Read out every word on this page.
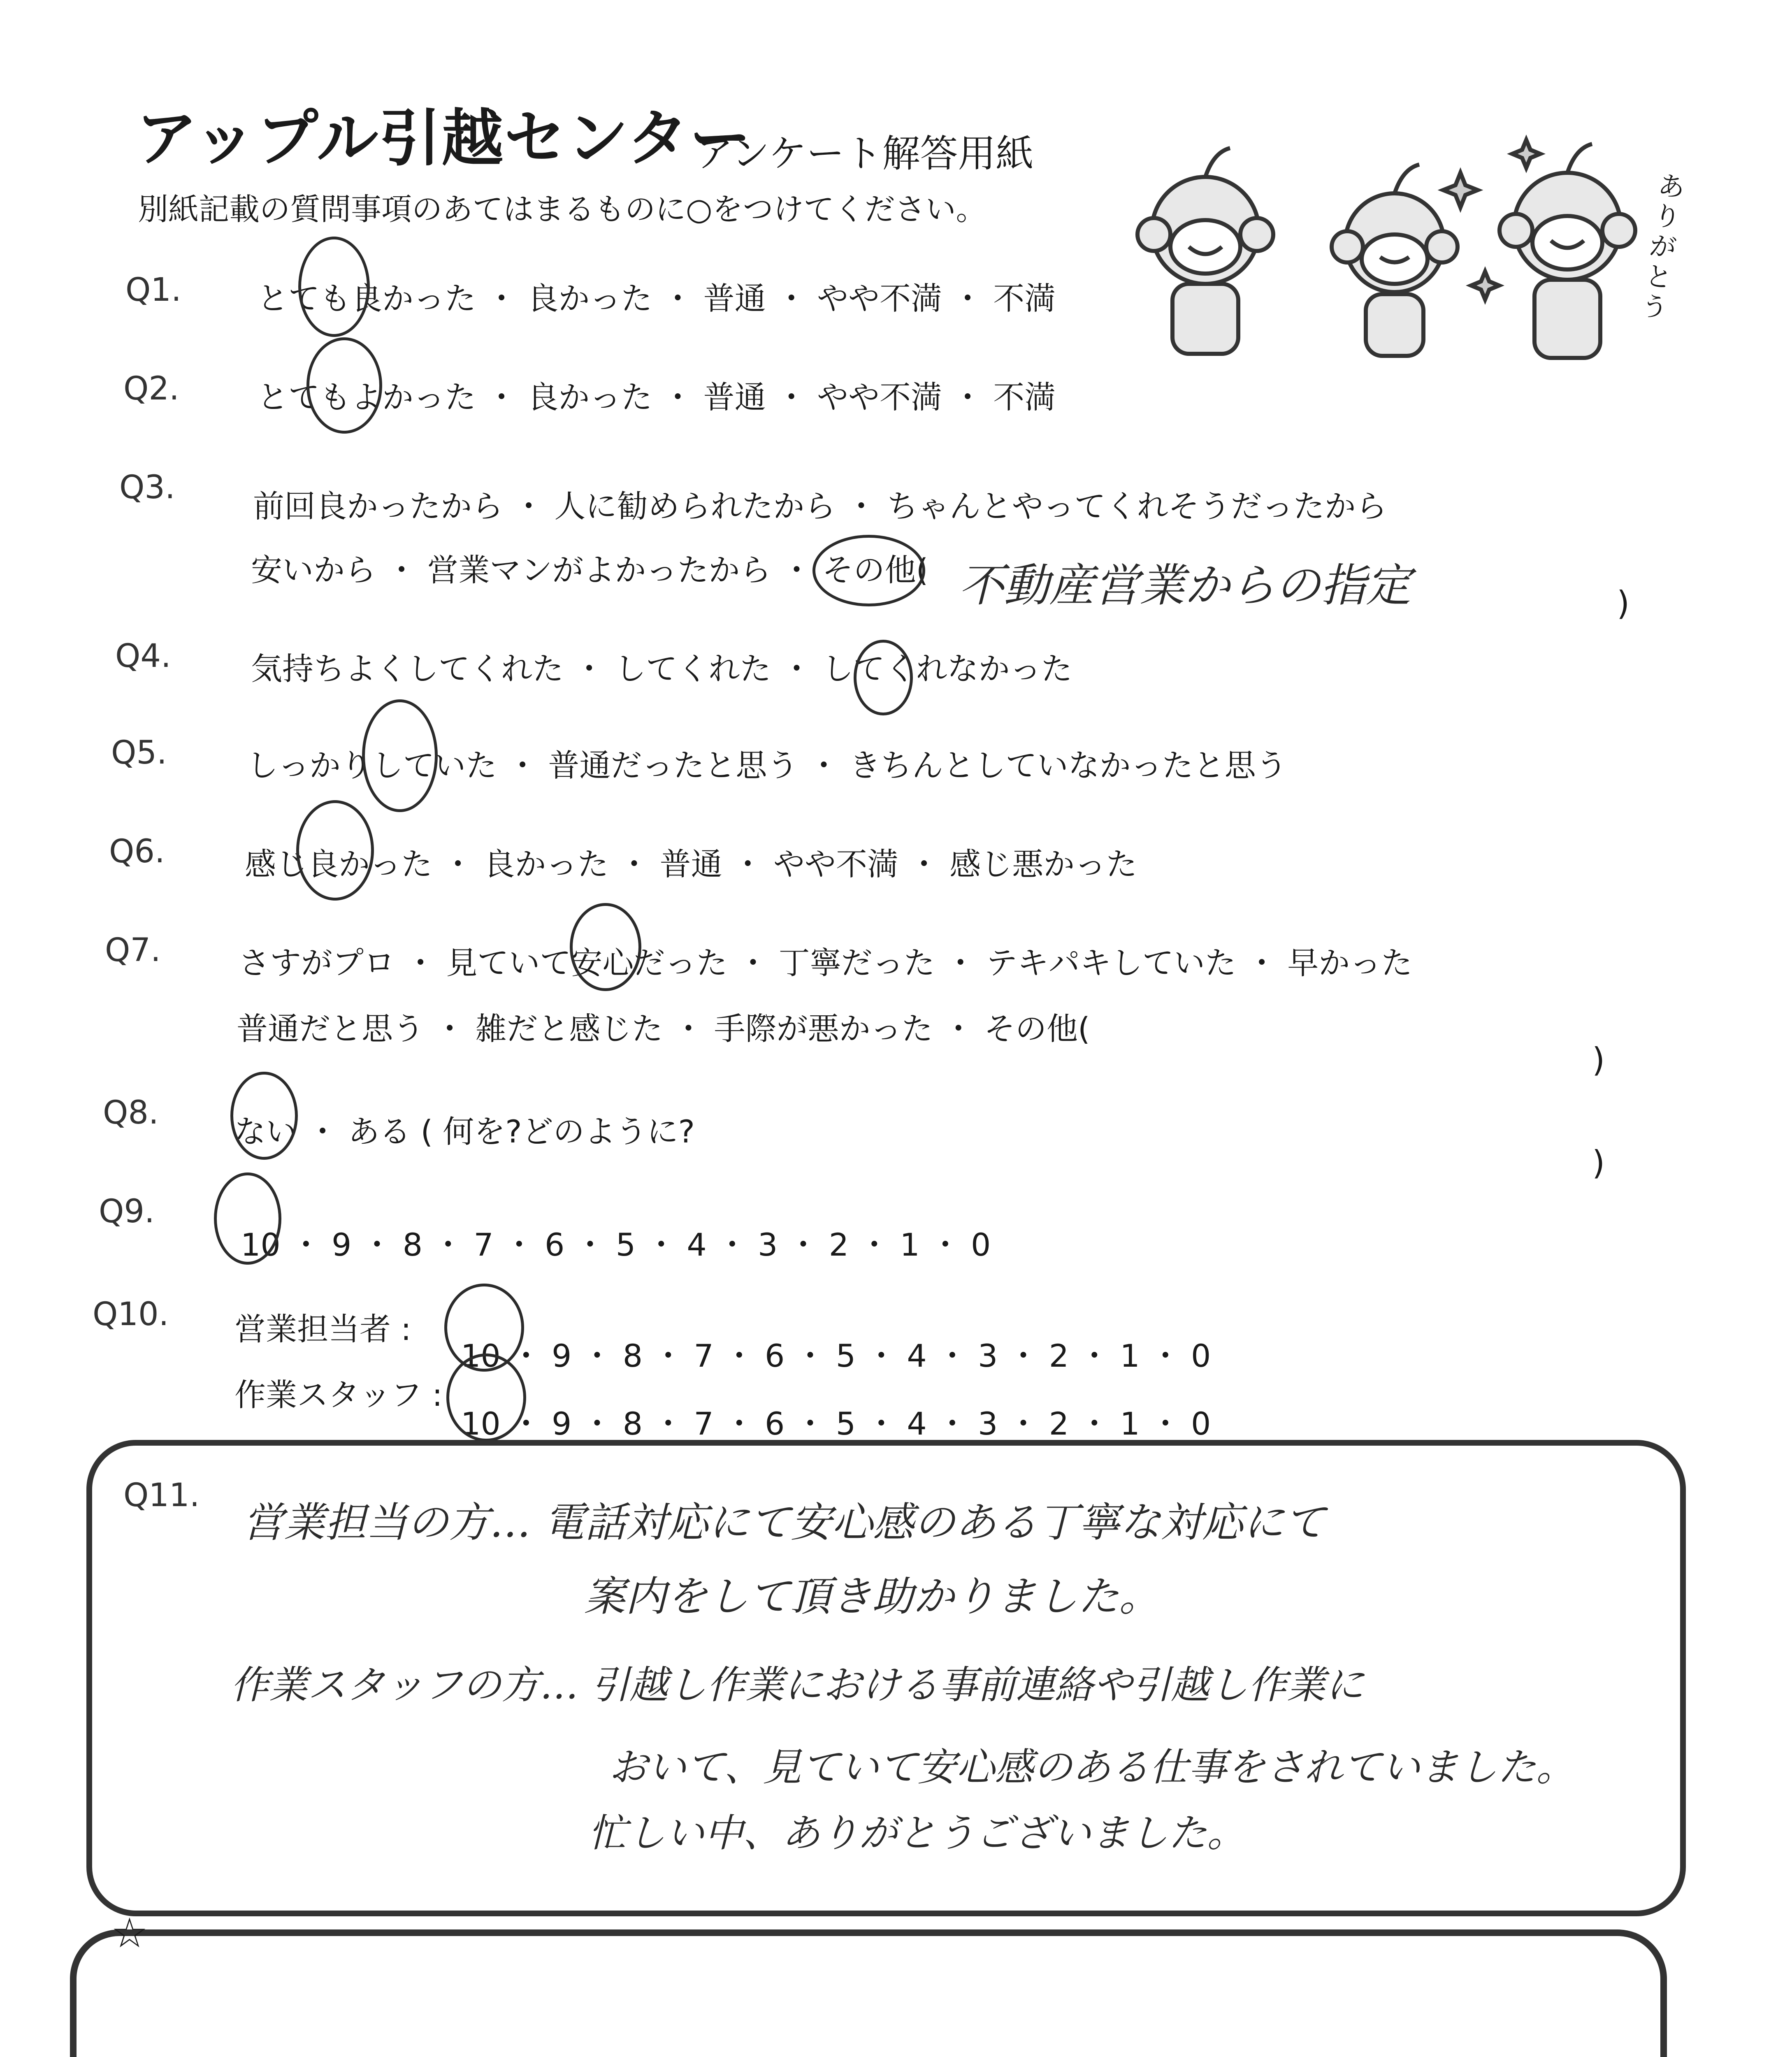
アップル引越センター
アンケート解答用紙
別紙記載の質問事項のあてはまるものに○をつけてください。
ありがとう
Q1. とても良かった ・ 良かった ・ 普通 ・ やや不満 ・ 不満
Q2. とてもよかった ・ 良かった ・ 普通 ・ やや不満 ・ 不満
Q3.
前回良かったから ・ 人に勧められたから ・ ちゃんとやってくれそうだったから
安いから ・ 営業マンがよかったから ・ その他( 不動産営業からの指定	)
Q4.	気持ちよくしてくれた ・ してくれた ・ してくれなかった
Q5.	しっかりしていた ・ 普通だったと思う ・ きちんとしていなかったと思う
Q6.	感じ良かった ・ 良かった ・ 普通 ・ やや不満 ・ 感じ悪かった
Q7. さすがプロ ・ 見ていて安心だった ・ 丁寧だった ・ テキパキしていた ・ 早かった
普通だと思う ・ 雑だと感じた ・ 手際が悪かった ・ その他(
)
Q8.
ない ・ ある ( 何を?どのように?
)
Q9.
10 ・ 9 ・ 8 ・ 7 ・ 6 ・ 5 ・ 4 ・ 3 ・ 2 ・ 1 ・ 0
Q10. 営業担当者 :
10 ・ 9 ・ 8 ・ 7 ・ 6 ・ 5 ・ 4 ・ 3 ・ 2 ・ 1 ・ 0
作業スタッフ :
10 ・ 9 ・ 8 ・ 7 ・ 6 ・ 5 ・ 4 ・ 3 ・ 2 ・ 1 ・ 0
Q11.
営業担当の方… 電話対応にて安心感のある丁寧な対応にて
案内をして頂き助かりました。
作業スタッフの方… 引越し作業における事前連絡や引越し作業に
おいて、見ていて安心感のある仕事をされていました。
忙しい中、ありがとうございました。
☆
